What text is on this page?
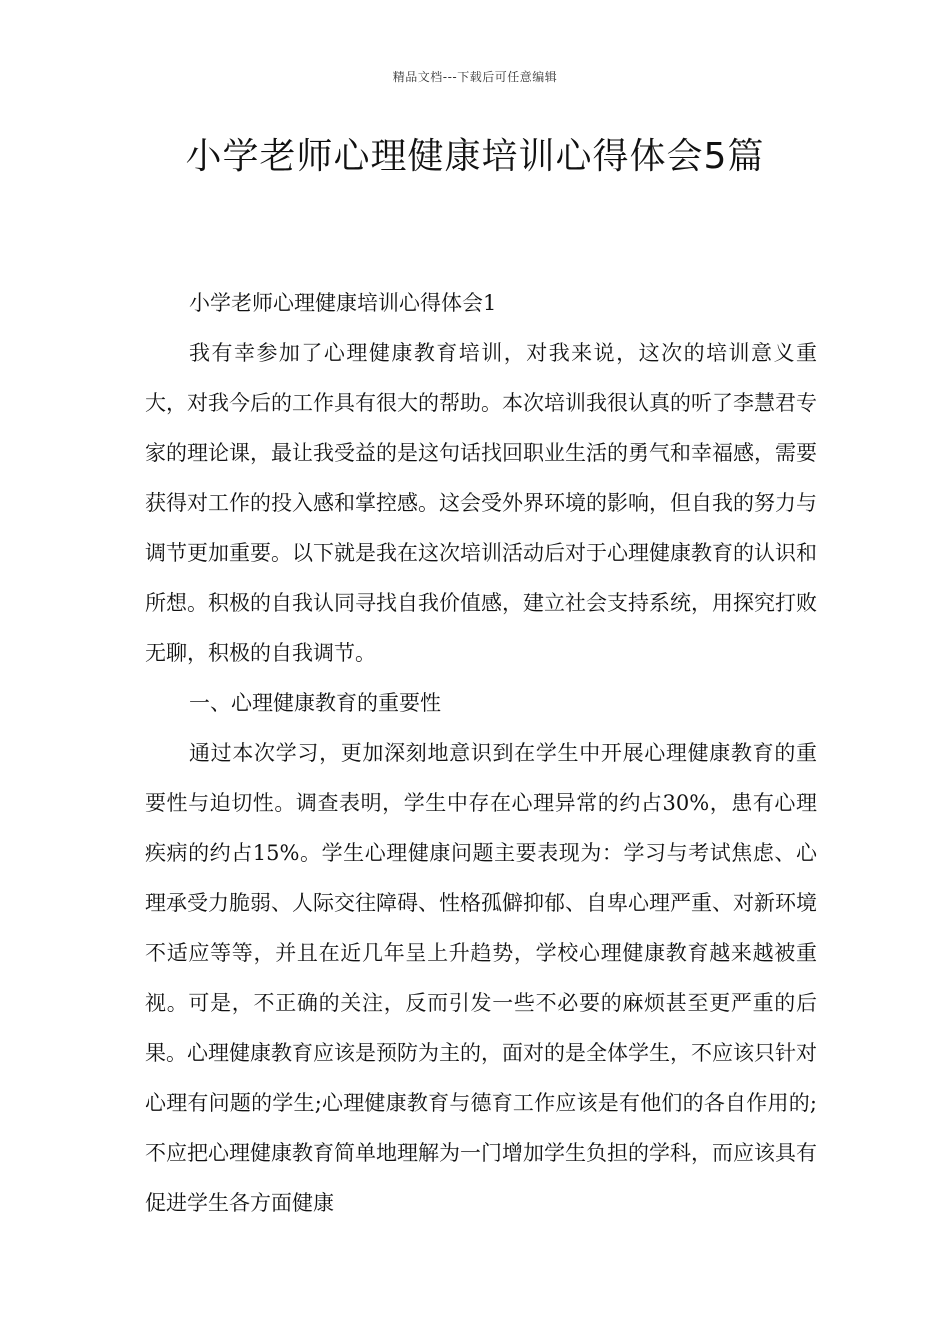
精品文档---下载后可任意编辑
小学老师心理健康培训心得体会5篇

小学老师心理健康培训心得体会1

我有幸参加了心理健康教育培训，对我来说，这次的培训意义重大，对我今后的工作具有很大的帮助。本次培训我很认真的听了李慧君专家的理论课，最让我受益的是这句话找回职业生活的勇气和幸福感，需要获得对工作的投入感和掌控感。这会受外界环境的影响，但自我的努力与调节更加重要。以下就是我在这次培训活动后对于心理健康教育的认识和所想。积极的自我认同寻找自我价值感，建立社会支持系统，用探究打败无聊，积极的自我调节。

一、心理健康教育的重要性

通过本次学习，更加深刻地意识到在学生中开展心理健康教育的重要性与迫切性。调查表明，学生中存在心理异常的约占30%，患有心理疾病的约占15%。学生心理健康问题主要表现为：学习与考试焦虑、心理承受力脆弱、人际交往障碍、性格孤僻抑郁、自卑心理严重、对新环境不适应等等，并且在近几年呈上升趋势，学校心理健康教育越来越被重视。可是，不正确的关注，反而引发一些不必要的麻烦甚至更严重的后果。心理健康教育应该是预防为主的，面对的是全体学生，不应该只针对心理有问题的学生;心理健康教育与德育工作应该是有他们的各自作用的;不应把心理健康教育简单地理解为一门增加学生负担的学科，而应该具有促进学生各方面健康
